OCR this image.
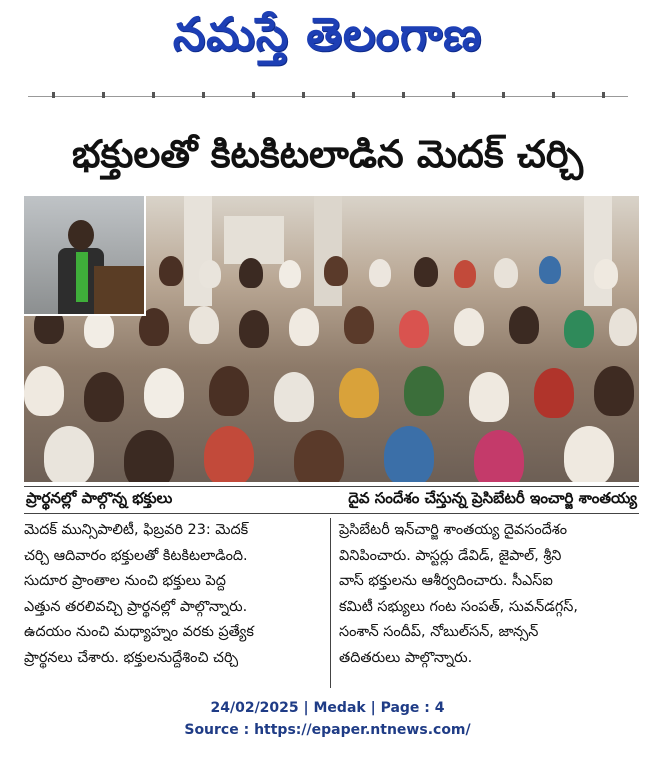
నమస్తే తెలంగాణ
భక్తులతో కిటకిటలాడిన మెదక్ చర్చి
ప్రార్థనల్లో పాల్గొన్న భక్తులు	దైవ సందేశం చేస్తున్న ప్రెసిబేటరీ ఇంచార్జి శాంతయ్య

మెదక్ మున్సిపాలిటీ, ఫిబ్రవరి 23: మెదక్

చర్చి ఆదివారం భక్తులతో కిటకిటలాడింది.

సుదూర ప్రాంతాల నుంచి భక్తులు పెద్ద

ఎత్తున తరలివచ్చి ప్రార్థనల్లో పాల్గొన్నారు.

ఉదయం నుంచి మధ్యాహ్నం వరకు ప్రత్యేక

ప్రార్థనలు చేశారు. భక్తులనుద్దేశించి చర్చి

ప్రెసిబేటరీ ఇన్‌చార్జి శాంతయ్య దైవసందేశం

వినిపించారు. పాస్టర్లు డేవిడ్, జైపాల్, శ్రీని

వాస్ భక్తులను ఆశీర్వదించారు. సీఎస్ఐ

కమిటీ సభ్యులు గంట సంపత్, సువన్‌డగ్గస్,

సంశాన్ సందీప్, నోబుల్‌సన్, జాన్సన్

తదితరులు పాల్గొన్నారు.

24/02/2025 | Medak | Page : 4
Source : https://epaper.ntnews.com/
